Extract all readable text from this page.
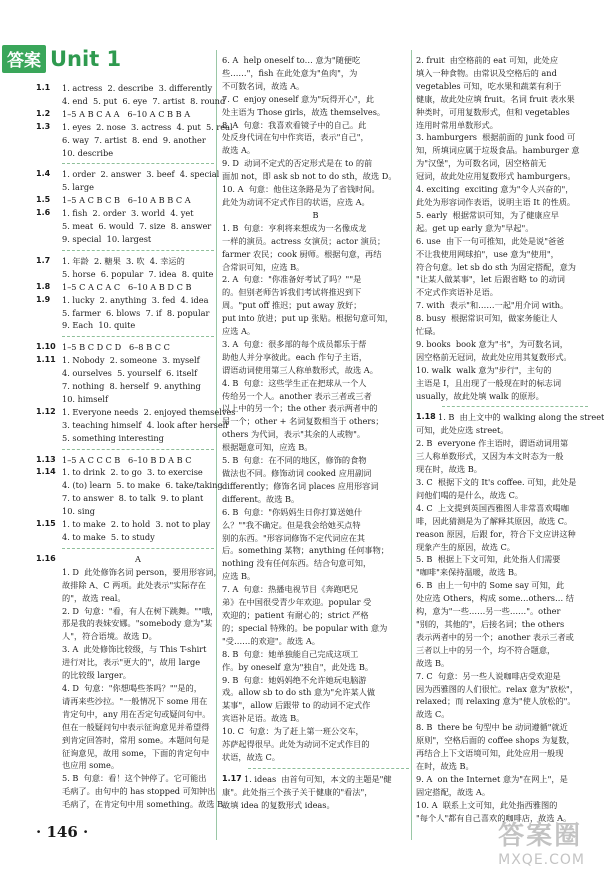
答案 Unit 1
1.1	1. actress  2. describe  3. differently
4. end  5. put  6. eye  7. artist  8. round
1.2	1–5 A B C A A   6–10 A C B B A
1.3	1. eyes  2. nose  3. actress  4. put  5. real
6. way  7. artist  8. end  9. another
10. describe
1.4	1. order  2. answer  3. beef  4. special
5. large
1.5	1–5 A C B C B   6–10 A B B C A
1.6	1. fish  2. order  3. world  4. yet
5. meat  6. would  7. size  8. answer
9. special  10. largest
1.7	1. 年龄  2. 糖果  3. 吹  4. 幸运的
5. horse  6. popular  7. idea  8. quite
1.8	1–5 C A C A C   6–10 A B D C B
1.9	1. lucky  2. anything  3. fed  4. idea
5. farmer  6. blows  7. if  8. popular
9. Each  10. quite
1.10 1–5 B C D C D   6–8 B C C
1.11 1. Nobody  2. someone  3. myself
4. ourselves  5. yourself  6. itself
7. nothing  8. herself  9. anything
10. himself
1.12 1. Everyone needs  2. enjoyed themselves
3. teaching himself  4. look after herself
5. something interesting
1.13 1–5 A C C C B   6–10 B D A B C
1.14 1. to drink  2. to go  3. to exercise
4. (to) learn  5. to make  6. take/taking
7. to answer  8. to talk  9. to plant
10. sing
1.15 1. to make  2. to hold  3. not to play
4. to make  5. to study
1.16	A
1. D  此处修饰名词 person，要用形容词，
故排除 A、C 两项。此处表示"实际存在
的"，故选 real。
2. D  句意："看，有人在树下跳舞。""哦，
那是我的表妹安娜。"somebody 意为"某
人"，符合语境。故选 D。
3. A  此处修饰比较级，与 This T-shirt
进行对比，表示"更大的"，故用 large
的比较级 larger。
4. D  句意："你想喝些茶吗？""是的，
请再来些沙拉。"一般情况下 some 用在
肯定句中，any 用在否定句或疑问句中。
但在一般疑问句中表示征询意见并希望得
到肯定回答时，常用 some。本题问句是
征询意见，故用 some，下面的肯定句中
也应用 some。
5. B  句意：看！这个钟停了。它可能出
毛病了。由句中的 has stopped 可知钟出
毛病了，在肯定句中用 something。故选 B。
6. A  help oneself to… 意为"随便吃
些……"，fish 在此处意为"鱼肉"，为
不可数名词，故选 A。
7. C  enjoy oneself 意为"玩得开心"，此
处主语为 Those girls，故选 themselves。
8. A  句意：我喜欢看镜子中的自己。此
处反身代词在句中作宾语，表示"自己"，
故选 A。
9. D  动词不定式的否定形式是在 to 的前
面加 not，即 ask sb not to do sth，故选 D。
10. A  句意：他住这条路是为了省钱时间。
此处为动词不定式作目的状语，应选 A。
B
1. B  句意：亨利将来想成为一名像成龙
一样的演员。actress 女演员；actor 演员；
farmer 农民；cook 厨师。根据句意，再结
合常识可知，应选 B。
2. A  句意："你准备好考试了吗？""是
的。但别老师告诉我们考试将推迟到下
周。"put off 推迟；put away 放好；
put into 放进；put up 张贴。根据句意可知，
应选 A。
3. A  句意：很多部的每个成员都乐于帮
助他人并分享彼此。each 作句子主语，
谓语动词使用第三人称单数形式，故选 A。
4. B  句意：这些学生正在把球从一个人
传给另一个人。another 表示三者或三者
以上中的另一个；the other 表示两者中的
另一个；other + 名词复数相当于 others；
others 为代词，表示"其余的人或物"。
根据题意可知，应选 B。
5. B  句意：在不同的地区，修饰的食物
做法也不同。修饰动词 cooked 应用副词
differently；修饰名词 places 应用形容词
different。故选 B。
6. B  句意："你妈妈生日你打算送她什
么？""我不确定。但是我会给她买点特
别的东西。"形容词修饰不定代词应在其
后。something 某物；anything 任何事物；
nothing 没有任何东西。结合句意可知，
应选 B。
7. A  句意：热播电视节目《奔跑吧兄
弟》在中国很受青少年欢迎。popular 受
欢迎的；patient 有耐心的；strict 严格
的；special 特殊的。be popular with 意为
"受……的欢迎"。故选 A。
8. B  句意：她单独能自己完成这项工
作。by oneself 意为"独自"，此处选 B。
9. B  句意：她妈妈绝不允许她玩电脑游
戏。allow sb to do sth 意为"允许某人做
某事"，allow 后跟带 to 的动词不定式作
宾语补足语。故选 B。
10. C  句意：为了赶上第一班公交车，
苏萨起得很早。此处为动词不定式作目的
状语，故选 C。
1.17 1. ideas  由首句可知，本文的主题是"健
康"。此处指三个孩子关于健康的"看法"，
故填 idea 的复数形式 ideas。
2. fruit  由空格前的 eat 可知，此处应
填入一种食物。由常识及空格后的 and
vegetables 可知，吃水果和蔬菜有利于
健康，故此处应填 fruit。名词 fruit 表水果
种类时，可用复数形式，但和 vegetables
连用时常用单数形式。
3. hamburgers  根据前面的 junk food 可
知，所填词应属于垃圾食品。hamburger 意
为"汉堡"，为可数名词，因空格前无
冠词，故此处应用复数形式 hamburgers。
4. exciting  exciting 意为"令人兴奋的"，
此处为形容词作表语，说明主语 It 的性质。
5. early  根据常识可知，为了健康应早
起。get up early 意为"早起"。
6. use  由下一句可推知，此处是说"爸爸
不让我使用网球拍"，use 意为"使用"，
符合句意。let sb do sth 为固定搭配，意为
"让某人做某事"，let 后跟省略 to 的动词
不定式作宾语补足语。
7. with  表示"和……一起"用介词 with。
8. busy  根据常识可知，做家务能让人
忙碌。
9. books  book 意为"书"，为可数名词，
因空格前无冠词，故此处应用其复数形式。
10. walk  walk 意为"步行"，主句的
主语是 I，且出现了一般现在时的标志词
usually，故此处填 walk 的原形。
1.18 1. B  由上文中的 walking along the street
可知，此处应选 street。
2. B  everyone 作主语时，谓语动词用第
三人称单数形式，又因为本文时态为一般
现在时，故选 B。
3. C  根据下文的 It's coffee. 可知，此处是
问他们喝的是什么，故选 C。
4. C  上文提到英国西雅图人非常喜欢喝咖
啡，因此猜测是为了解释其原因，故选 C。
reason 原因，后跟 for，符合下文应讲这种
现象产生的原因，故选 C。
5. B  根据上下文可知，此处指人们需要
"咖啡"来保持温暖，故选 B。
6. B  由上一句中的 Some say 可知，此
处应选 Others，构成 some…others… 结
构，意为"一些……另一些……"。other
"别的，其他的"，后接名词；the others
表示两者中的另一个；another 表示三者或
三者以上中的另一个，均不符合题意，
故选 B。
7. C  句意：另一些人说咖啡店受欢迎是
因为西雅图的人们很忙。relax 意为"放松"，
relaxed；而 relaxing 意为"使人放松的"。
故选 C。
8. B  there be 句型中 be 动词遵循"就近
原则"，空格后面的 coffee shops 为复数，
再结合上下文语境可知，此处应用一般现
在时，故选 B。
9. A  on the Internet 意为"在网上"，是
固定搭配，故选 A。
10. A  联系上文可知，此处指西雅图的
"每个人"都有自己喜欢的咖啡店，故选 A。
· 146 ·	答案圈
MXQE.COM
